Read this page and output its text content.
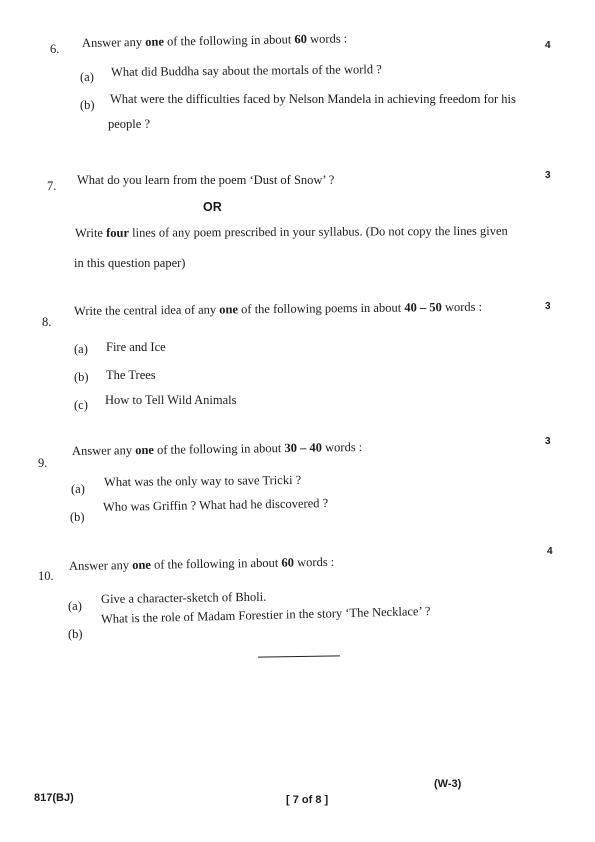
6. Answer any one of the following in about 60 words :	4
(a) What did Buddha say about the mortals of the world ?
(b) What were the difficulties faced by Nelson Mandela in achieving freedom for his
people ?
7. What do you learn from the poem ‘Dust of Snow’ ?	3
OR
Write four lines of any poem prescribed in your syllabus. (Do not copy the lines given
in this question paper)
8.
Write the central idea of any one of the following poems in about 40 – 50 words :	3
(a) Fire and Ice
(b) The Trees
(c) How to Tell Wild Animals
9.
Answer any one of the following in about 30 – 40 words :	3
(a)
What was the only way to save Tricki ?
(b)
Who was Griffin ? What had he discovered ?
10.
Answer any one of the following in about 60 words :
4
(a)
Give a character-sketch of Bholi.
(b)
What is the role of Madam Forestier in the story ‘The Necklace’ ?
817(BJ)	[ 7 of 8 ]
(W-3)
